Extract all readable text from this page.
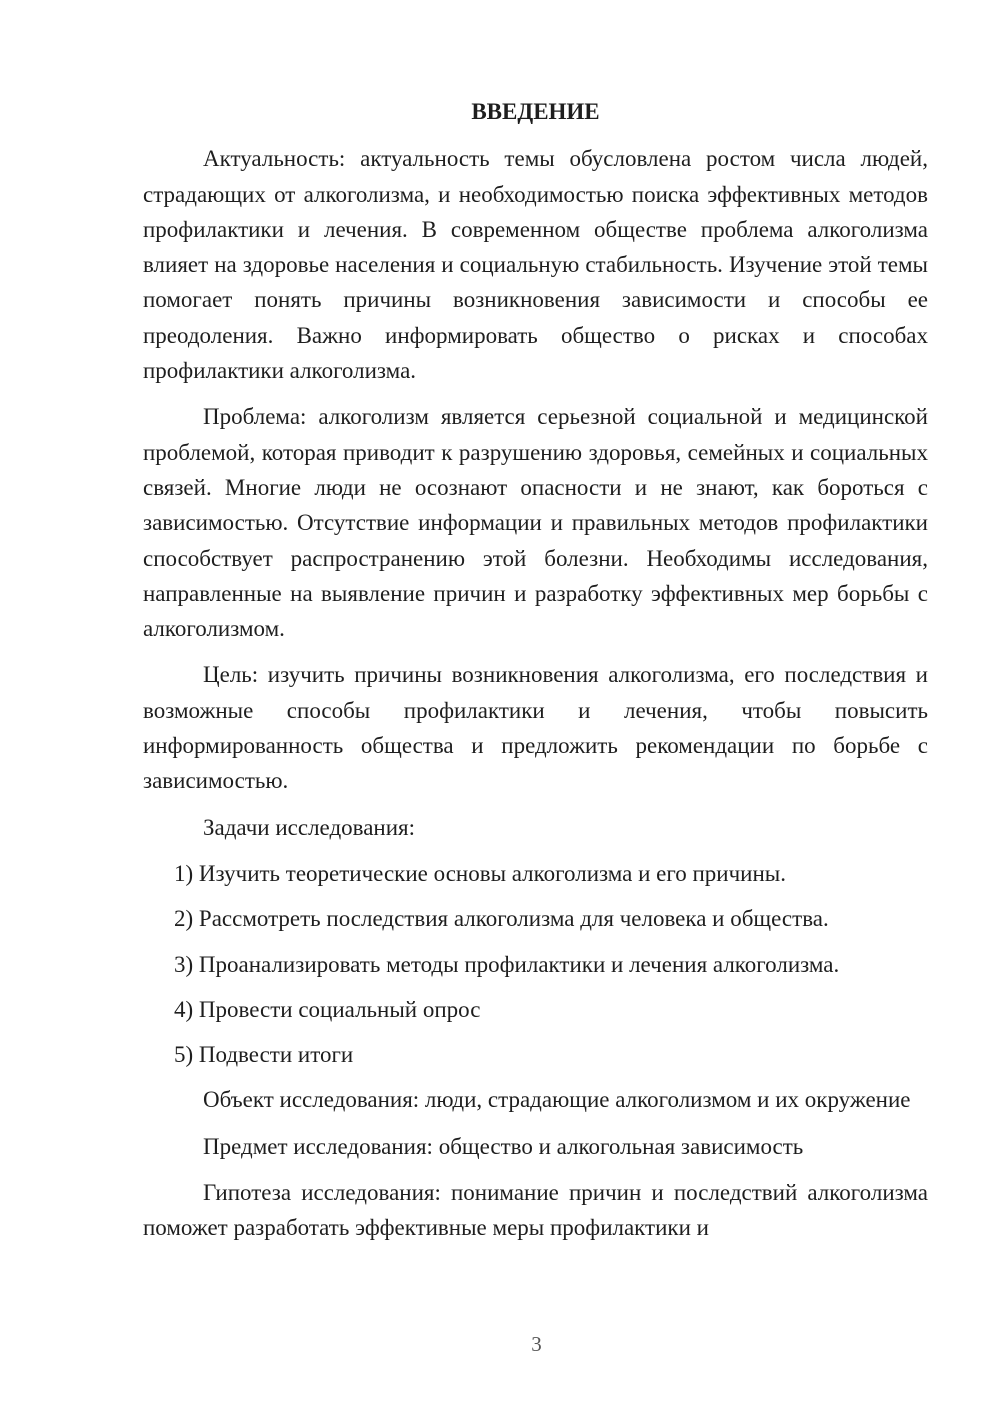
ВВЕДЕНИЕ

Актуальность: актуальность темы обусловлена ростом числа людей, страдающих от алкоголизма, и необходимостью поиска эффективных методов профилактики и лечения. В современном обществе проблема алкоголизма влияет на здоровье населения и социальную стабильность. Изучение этой темы помогает понять причины возникновения зависимости и способы ее преодоления. Важно информировать общество о рисках и способах профилактики алкоголизма.

Проблема: алкоголизм является серьезной социальной и медицинской проблемой, которая приводит к разрушению здоровья, семейных и социальных связей. Многие люди не осознают опасности и не знают, как бороться с зависимостью. Отсутствие информации и правильных методов профилактики способствует распространению этой болезни. Необходимы исследования, направленные на выявление причин и разработку эффективных мер борьбы с алкоголизмом.

Цель: изучить причины возникновения алкоголизма, его последствия и возможные способы профилактики и лечения, чтобы повысить информированность общества и предложить рекомендации по борьбе с зависимостью.

Задачи исследования:

1) Изучить теоретические основы алкоголизма и его причины.
2) Рассмотреть последствия алкоголизма для человека и общества.
3) Проанализировать методы профилактики и лечения алкоголизма.
4) Провести социальный опрос
5) Подвести итоги

Объект исследования: люди, страдающие алкоголизмом и их окружение

Предмет исследования: общество и алкогольная зависимость

Гипотеза исследования: понимание причин и последствий алкоголизма поможет разработать эффективные меры профилактики и

3
